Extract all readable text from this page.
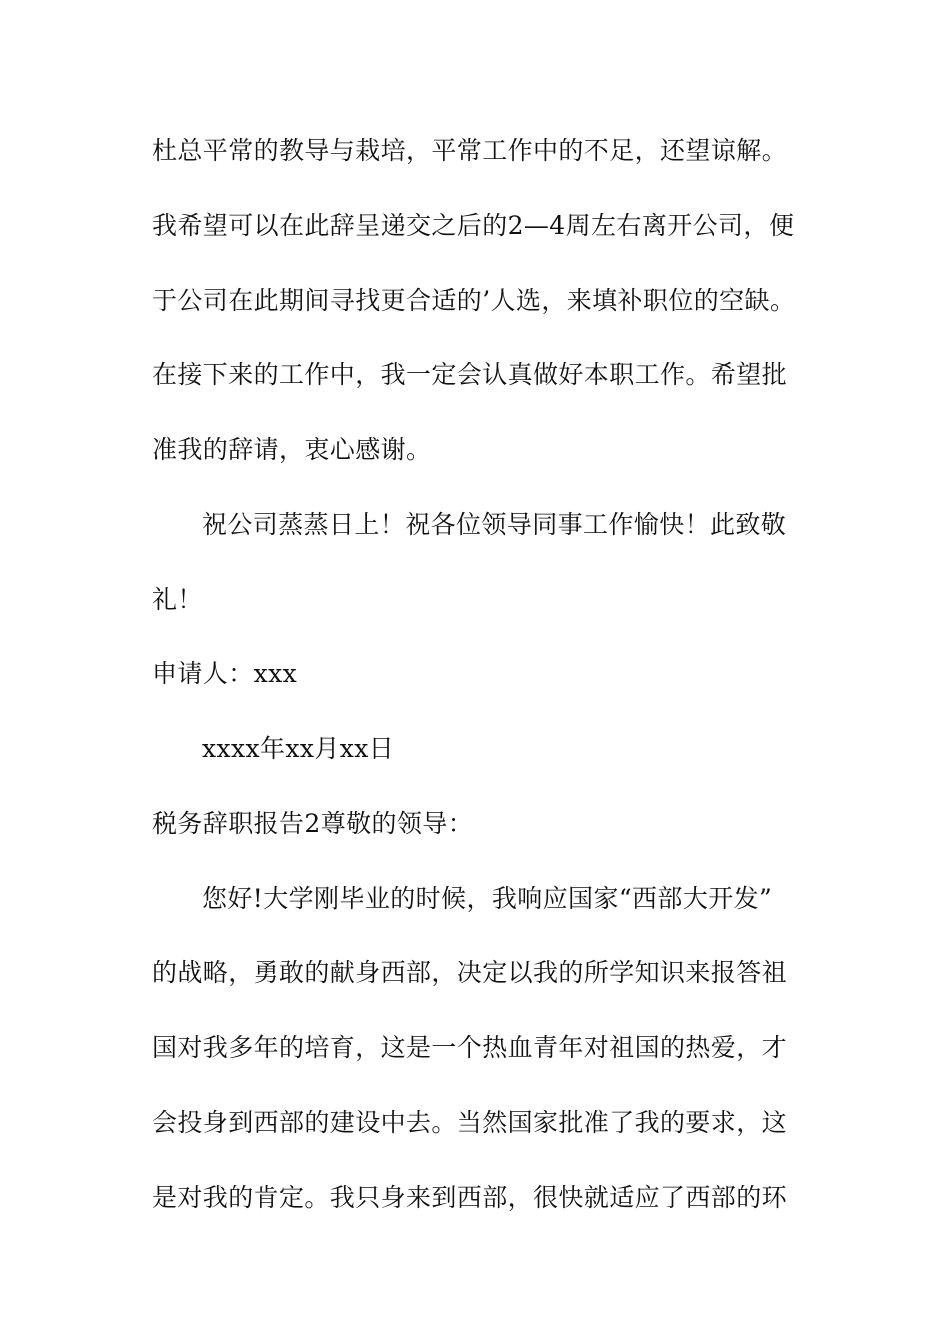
杜总平常的教导与栽培，平常工作中的不足，还望谅解。
我希望可以在此辞呈递交之后的2—4周左右离开公司，便
于公司在此期间寻找更合适的’人选，来填补职位的空缺。
在接下来的工作中，我一定会认真做好本职工作。希望批
准我的辞请，衷心感谢。
祝公司蒸蒸日上！祝各位领导同事工作愉快！此致敬
礼！
申请人：xxx
xxxx年xx月xx日
税务辞职报告2尊敬的领导：
您好!大学刚毕业的时候，我响应国家“西部大开发”
的战略，勇敢的献身西部，决定以我的所学知识来报答祖
国对我多年的培育，这是一个热血青年对祖国的热爱，才
会投身到西部的建设中去。当然国家批准了我的要求，这
是对我的肯定。我只身来到西部，很快就适应了西部的环
